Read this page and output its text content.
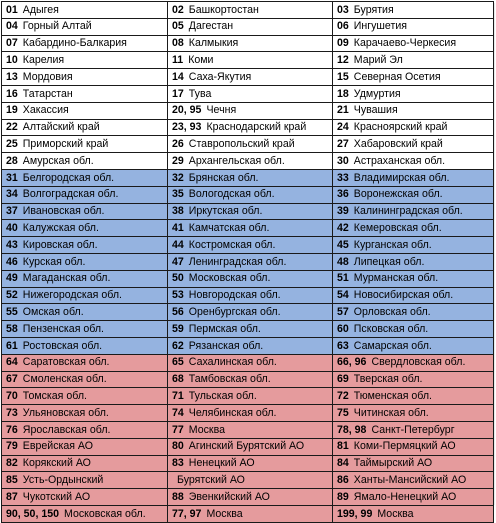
01 Адыгея	02 Башкортостан	03 Бурятия
04 Горный Алтай	05 Дагестан	06 Ингушетия
07 Кабардино-Балкария	08 Калмыкия	09 Карачаево-Черкесия
10 Карелия	11 Коми	12 Марий Эл
13 Мордовия	14 Саха-Якутия	15 Северная Осетия
16 Татарстан	17 Тува	18 Удмуртия
19 Хакассия	20, 95 Чечня	21 Чувашия
22 Алтайский край	23, 93 Краснодарский край	24 Красноярский край
25 Приморский край	26 Ставропольский край	27 Хабаровский край
28 Амурская обл.	29 Архангельская обл.	30 Астраханская обл.
31 Белгородская обл.	32 Брянская обл.	33 Владимирская обл.
34 Волгоградская обл.	35 Вологодская обл.	36 Воронежская обл.
37 Ивановская обл.	38 Иркутская обл.	39 Калининградская обл.
40 Калужская обл.	41 Камчатская обл.	42 Кемеровская обл.
43 Кировская обл.	44 Костромская обл.	45 Курганская обл.
46 Курская обл.	47 Ленинградская обл.	48 Липецкая обл.
49 Магаданская обл.	50 Московская обл.	51 Мурманская обл.
52 Нижегородская обл.	53 Новгородская обл.	54 Новосибирская обл.
55 Омская обл.	56 Оренбургская обл.	57 Орловская обл.
58 Пензенская обл.	59 Пермская обл.	60 Псковская обл.
61 Ростовская обл.	62 Рязанская обл.	63 Самарская обл.
64 Саратовская обл.	65 Сахалинская обл.	66, 96 Свердловская обл.
67 Смоленская обл.	68 Тамбовская обл.	69 Тверская обл.
70 Томская обл.	71 Тульская обл.	72 Тюменская обл.
73 Ульяновская обл.	74 Челябинская обл.	75 Читинская обл.
76 Ярославская обл.	77 Москва	78, 98 Санкт-Петербург
79 Еврейская АО	80 Агинский Бурятский АО	81 Коми-Пермяцкий АО
82 Корякский АО	83 Ненецкий АО	84 Таймырский АО
85 Усть-Ордынский	Бурятский АО	86 Ханты-Мансийский АО
87 Чукотский АО	88 Эвенкийский АО	89 Ямало-Ненецкий АО
90, 50, 150 Московская обл.	77, 97 Москва	199, 99 Москва
